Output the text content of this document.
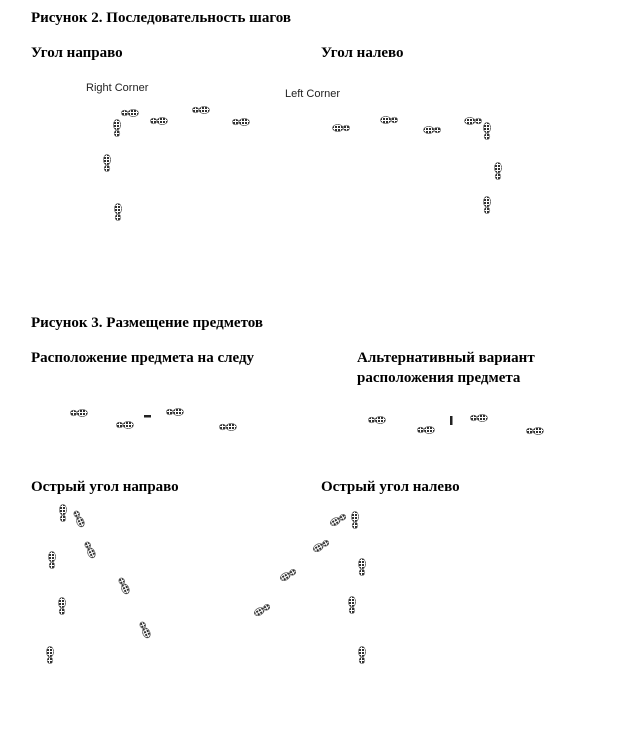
Рисунок 2. Последовательность шагов
Угол направо	Угол налево
Right Corner	Left Corner
Рисунок 3. Размещение предметов
Расположение предмета на следу	Альтернативный вариант
расположения предмета
Острый угол направо	Острый угол налево
